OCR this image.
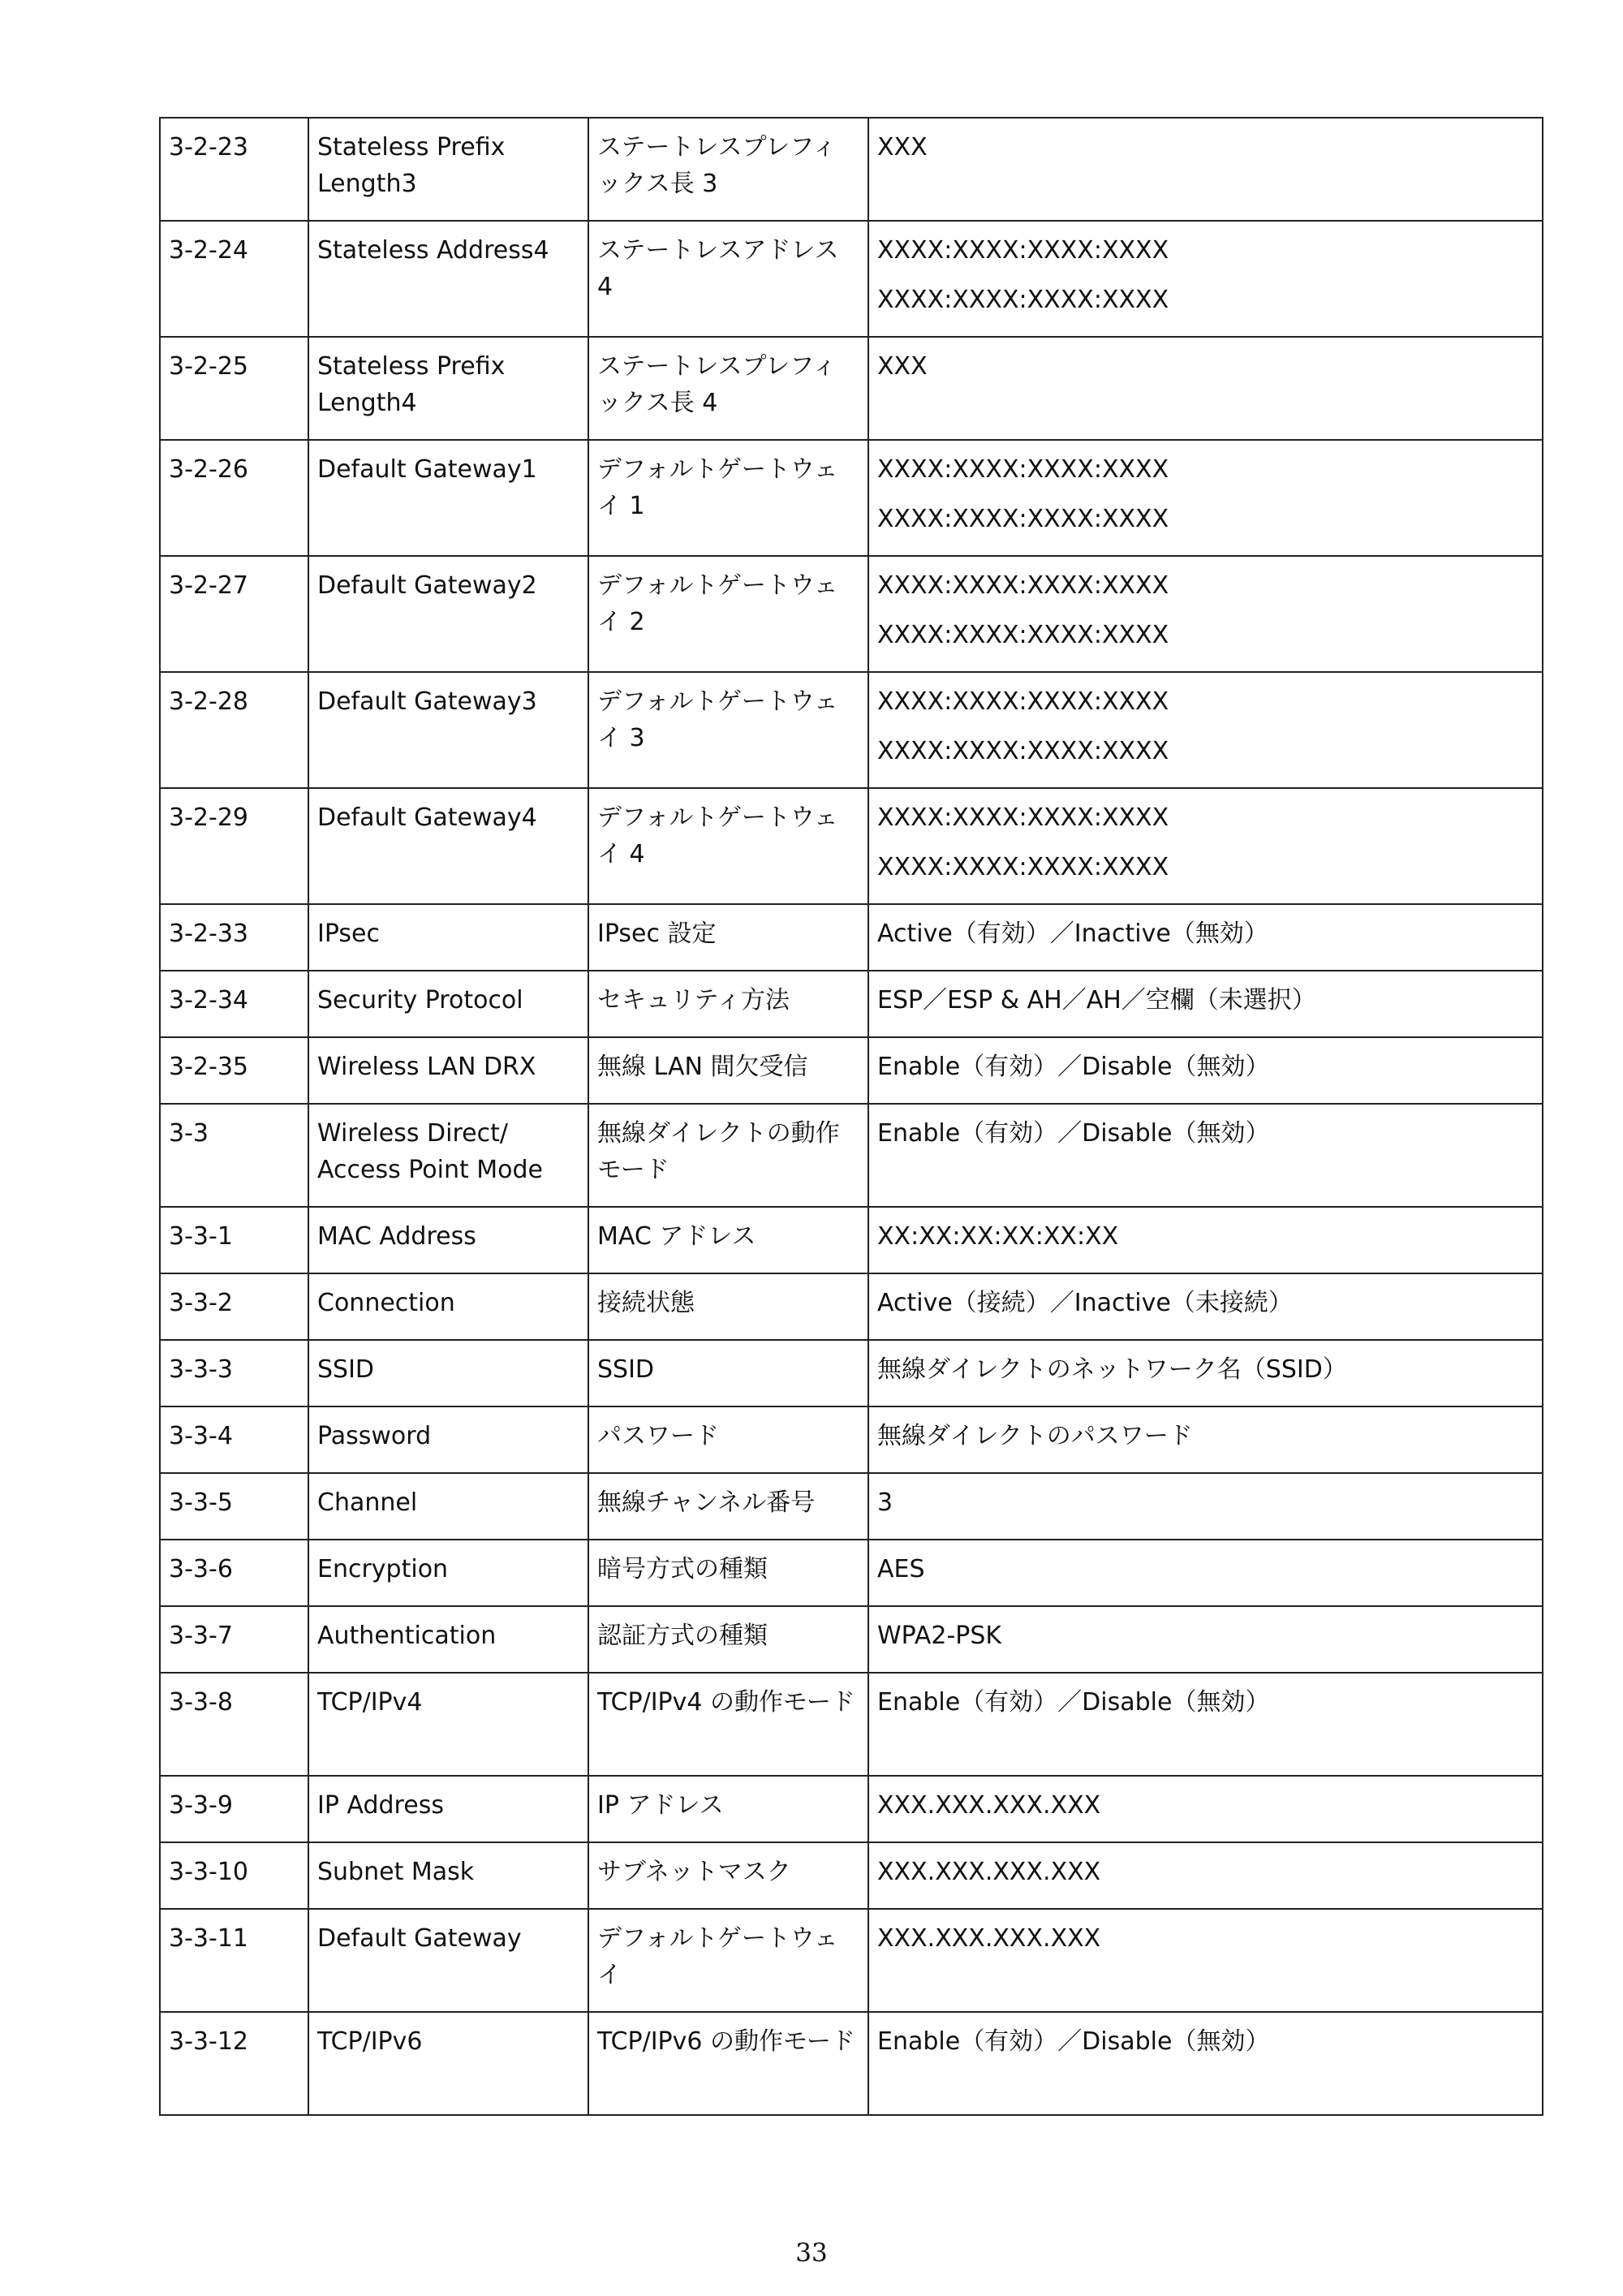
3-2-23	Stateless Prefix Length3	ステートレスプレフィックス長 3	XXX

3-2-24	Stateless Address4	ステートレスアドレス 4	XXXX:XXXX:XXXX:XXXX
XXXX:XXXX:XXXX:XXXX

3-2-25	Stateless Prefix Length4	ステートレスプレフィックス長 4	XXX

3-2-26	Default Gateway1	デフォルトゲートウェイ 1	XXXX:XXXX:XXXX:XXXX
XXXX:XXXX:XXXX:XXXX

3-2-27	Default Gateway2	デフォルトゲートウェイ 2	XXXX:XXXX:XXXX:XXXX
XXXX:XXXX:XXXX:XXXX

3-2-28	Default Gateway3	デフォルトゲートウェイ 3	XXXX:XXXX:XXXX:XXXX
XXXX:XXXX:XXXX:XXXX

3-2-29	Default Gateway4	デフォルトゲートウェイ 4	XXXX:XXXX:XXXX:XXXX
XXXX:XXXX:XXXX:XXXX

3-2-33	IPsec	IPsec 設定	Active（有効）／Inactive（無効）

3-2-34	Security Protocol	セキュリティ方法	ESP／ESP & AH／AH／空欄（未選択）

3-2-35	Wireless LAN DRX	無線 LAN 間欠受信	Enable（有効）／Disable（無効）

3-3	Wireless Direct/ Access Point Mode	無線ダイレクトの動作モード	Enable（有効）／Disable（無効）

3-3-1	MAC Address	MAC アドレス	XX:XX:XX:XX:XX:XX

3-3-2	Connection	接続状態	Active（接続）／Inactive（未接続）

3-3-3	SSID	SSID	無線ダイレクトのネットワーク名（SSID）

3-3-4	Password	パスワード	無線ダイレクトのパスワード

3-3-5	Channel	無線チャンネル番号	3

3-3-6	Encryption	暗号方式の種類	AES

3-3-7	Authentication	認証方式の種類	WPA2-PSK

3-3-8	TCP/IPv4	TCP/IPv4 の動作モード	Enable（有効）／Disable（無効）

3-3-9	IP Address	IP アドレス	XXX.XXX.XXX.XXX

3-3-10	Subnet Mask	サブネットマスク	XXX.XXX.XXX.XXX

3-3-11	Default Gateway	デフォルトゲートウェイ	XXX.XXX.XXX.XXX

3-3-12	TCP/IPv6	TCP/IPv6 の動作モード	Enable（有効）／Disable（無効）
33
